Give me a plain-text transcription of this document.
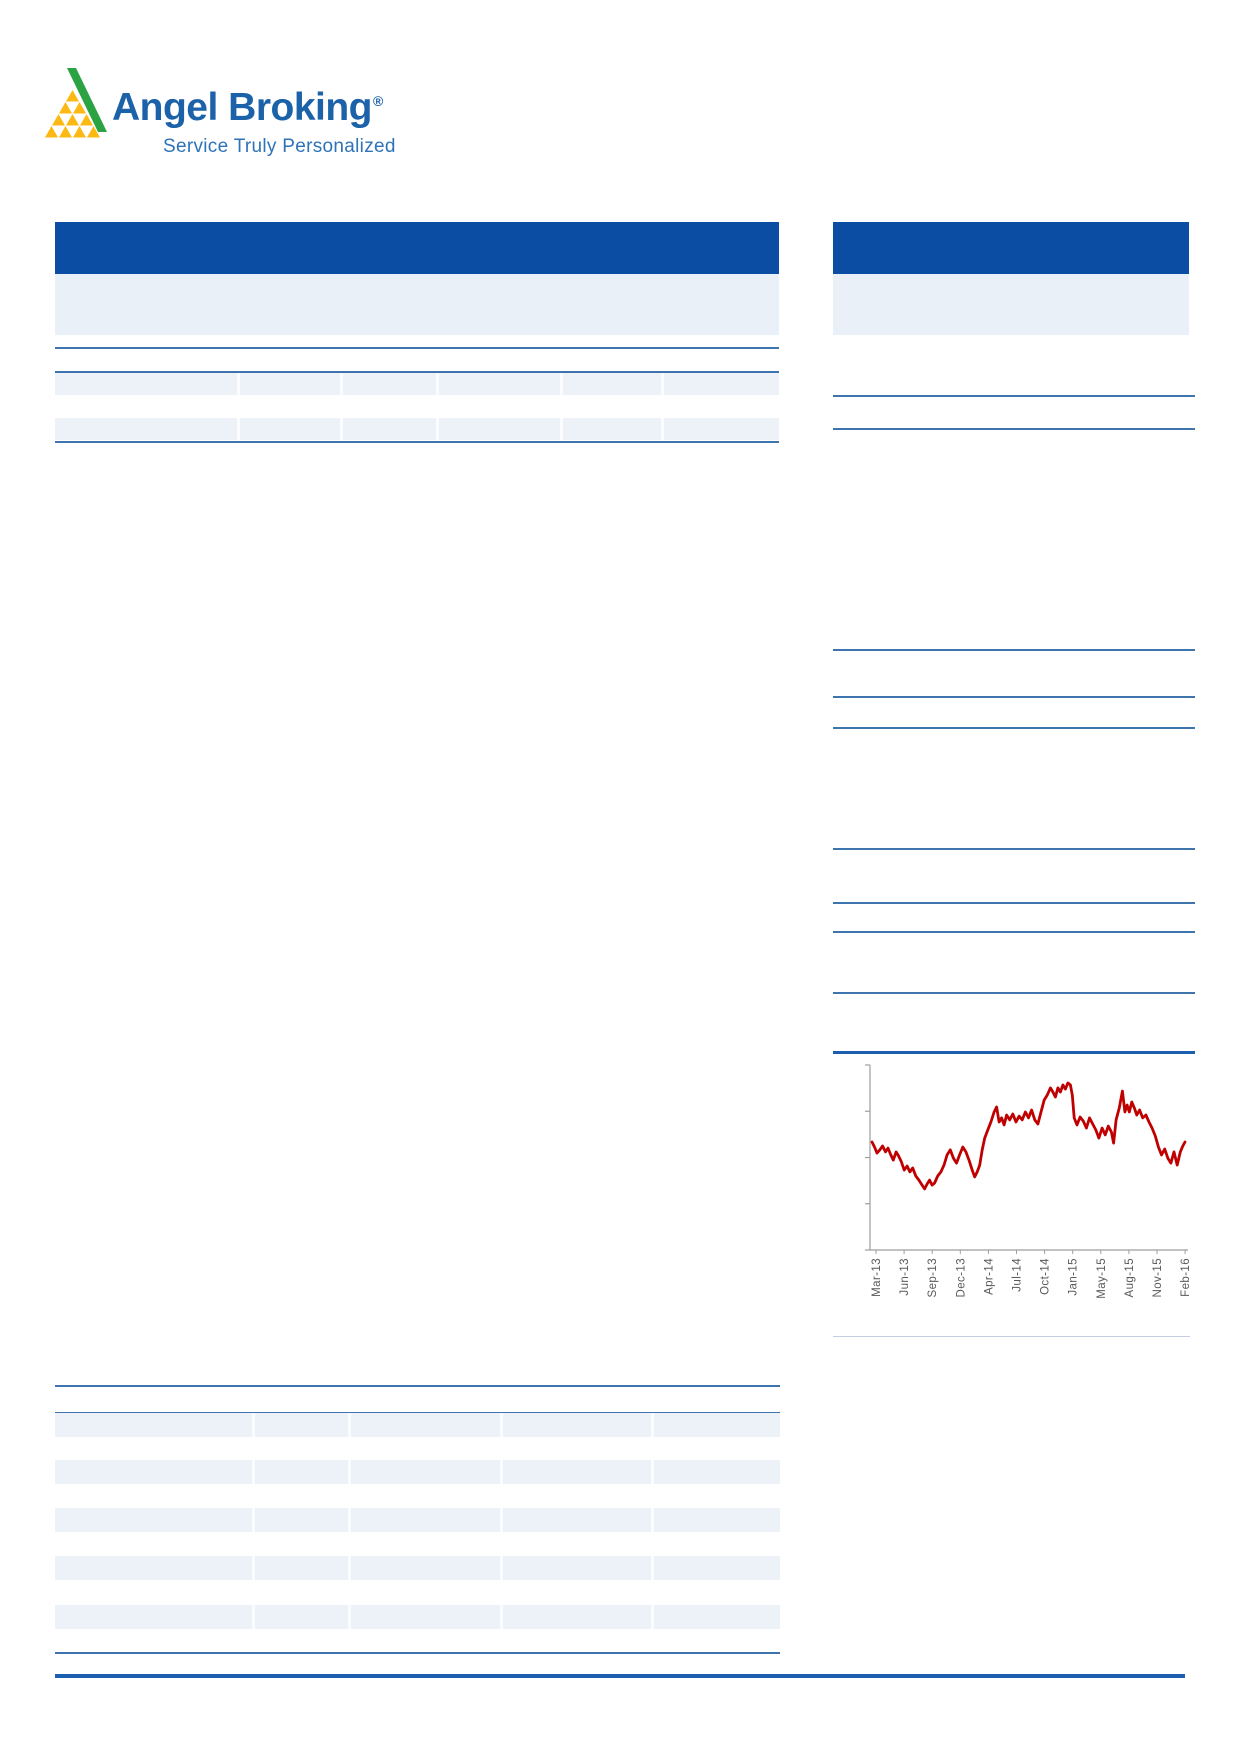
Angel Broking®
Service Truly Personalized
Mar-13 Jun-13 Sep-13 Dec-13 Apr-14 Jul-14 Oct-14 Jan-15 May-15 Aug-15 Nov-15 Feb-16
